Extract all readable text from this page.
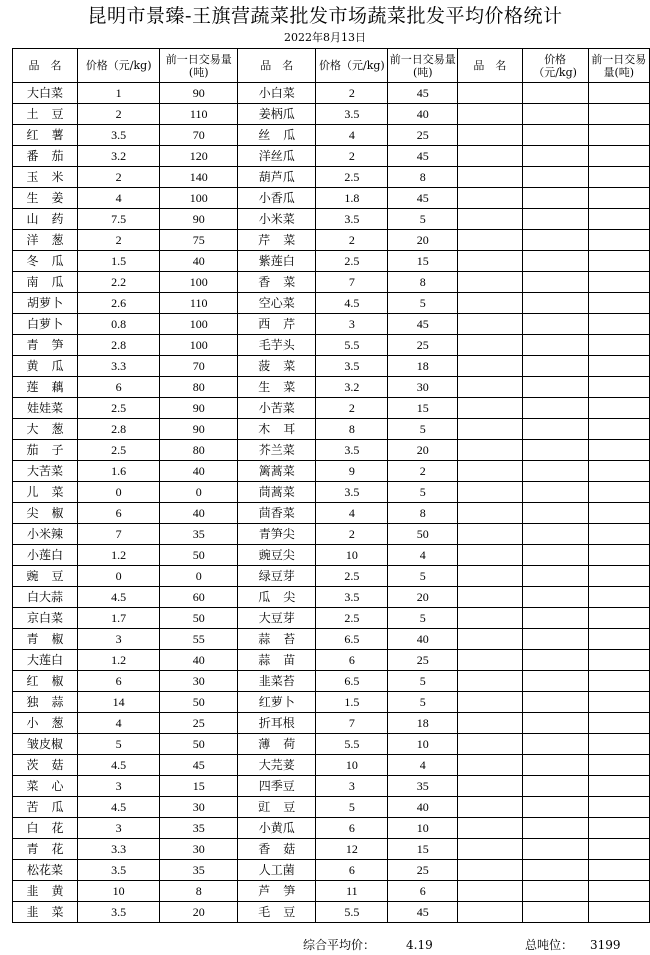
昆明市景臻-王旗营蔬菜批发市场蔬菜批发平均价格统计
2022年8月13日
品　名	价格（元/kg)	前一日交易量(吨)	品　名	价格（元/kg)	前一日交易量(吨)	品　名	价格（元/kg)	前一日交易量(吨)
大白菜	1	90	小白菜	2	45			
土豆	2	110	姜柄瓜	3.5	40			
红薯	3.5	70	丝瓜	4	25			
番茄	3.2	120	洋丝瓜	2	45			
玉米	2	140	葫芦瓜	2.5	8			
生姜	4	100	小香瓜	1.8	45			
山药	7.5	90	小米菜	3.5	5			
洋葱	2	75	芹菜	2	20			
冬瓜	1.5	40	紫莲白	2.5	15			
南瓜	2.2	100	香菜	7	8			
胡萝卜	2.6	110	空心菜	4.5	5			
白萝卜	0.8	100	西芹	3	45			
青笋	2.8	100	毛芋头	5.5	25			
黄瓜	3.3	70	菠菜	3.5	18			
莲藕	6	80	生菜	3.2	30			
娃娃菜	2.5	90	小苦菜	2	15			
大葱	2.8	90	木耳	8	5			
茄子	2.5	80	芥兰菜	3.5	20			
大苦菜	1.6	40	篱蒿菜	9	2			
儿菜	0	0	茼蒿菜	3.5	5			
尖椒	6	40	茴香菜	4	8			
小米辣	7	35	青笋尖	2	50			
小莲白	1.2	50	豌豆尖	10	4			
豌豆	0	0	绿豆芽	2.5	5			
白大蒜	4.5	60	瓜尖	3.5	20			
京白菜	1.7	50	大豆芽	2.5	5			
青椒	3	55	蒜苔	6.5	40			
大莲白	1.2	40	蒜苗	6	25			
红椒	6	30	韭菜苔	6.5	5			
独蒜	14	50	红萝卜	1.5	5			
小葱	4	25	折耳根	7	18			
皱皮椒	5	50	薄荷	5.5	10			
茨菇	4.5	45	大芫荽	10	4			
菜心	3	15	四季豆	3	35			
苦瓜	4.5	30	豇豆	5	40			
白花	3	35	小黄瓜	6	10			
青花	3.3	30	香菇	12	15			
松花菜	3.5	35	人工菌	6	25			
韭黄	10	8	芦笋	11	6			
韭菜	3.5	20	毛豆	5.5	45			
综合平均价：	4.19	总吨位： 3199
